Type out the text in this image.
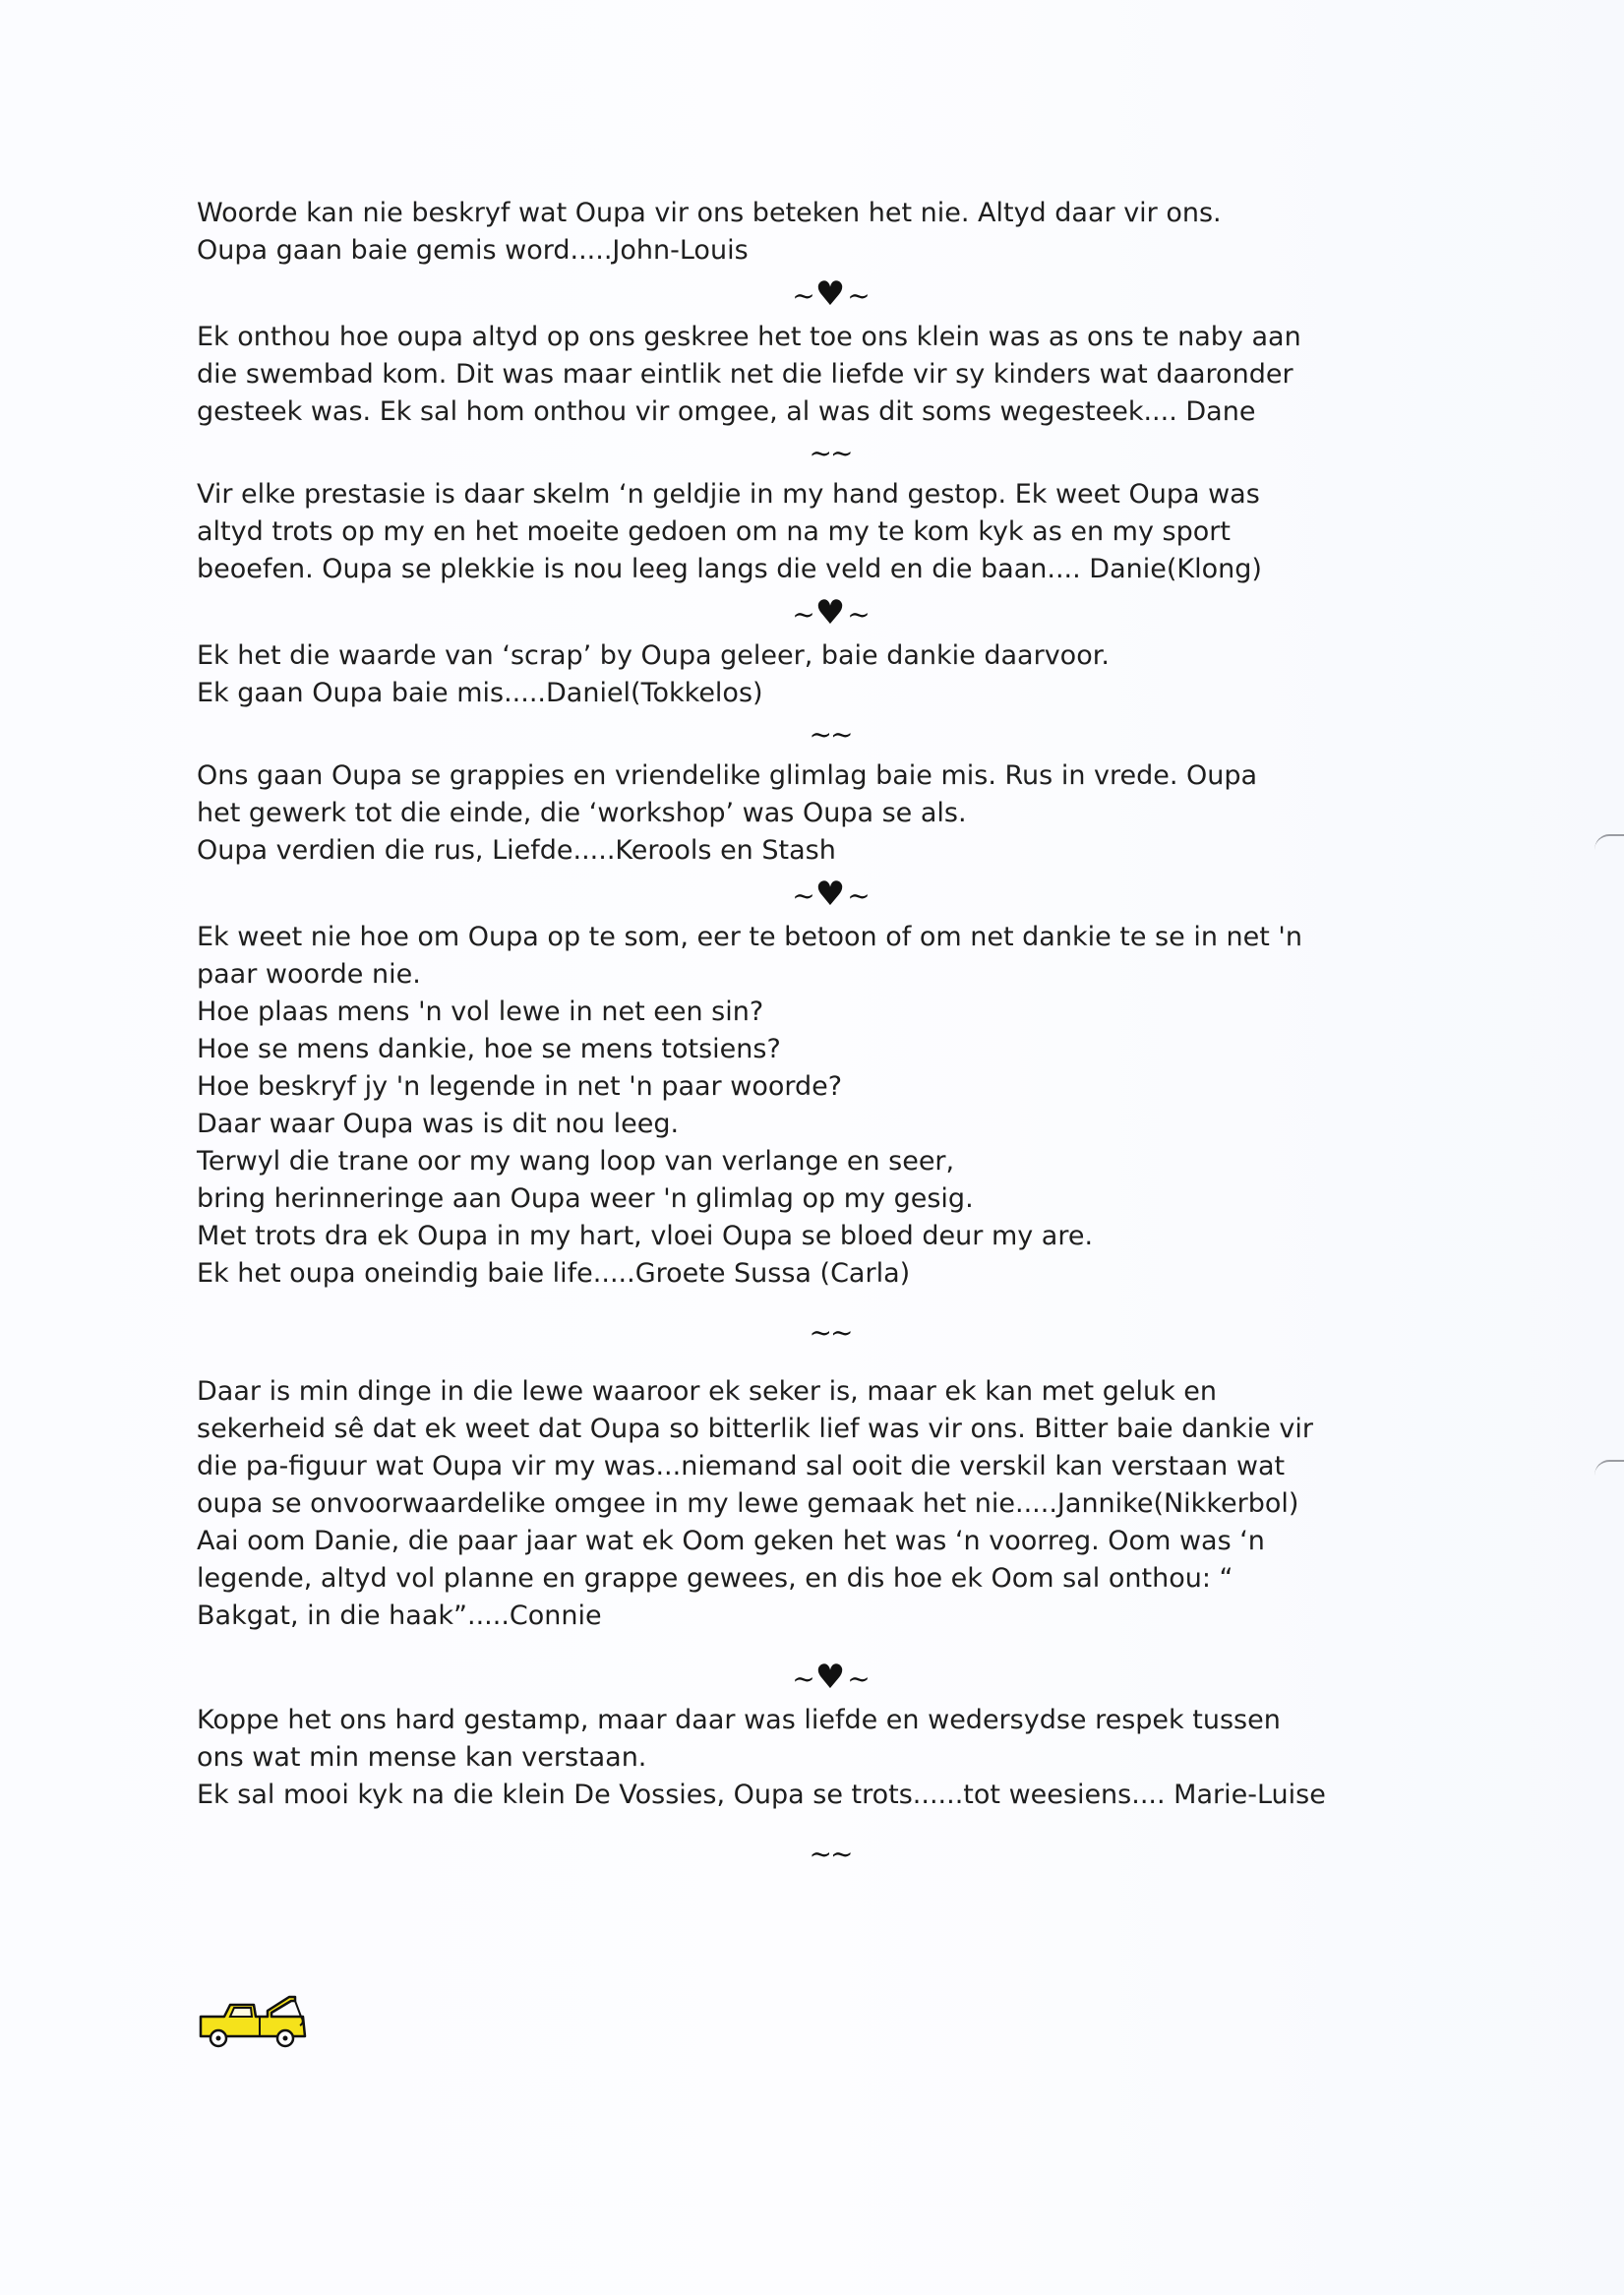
Woorde kan nie beskryf wat Oupa vir ons beteken het nie. Altyd daar vir ons.

Oupa gaan baie gemis word.....John-Louis

~♥~

Ek onthou hoe oupa altyd op ons geskree het toe ons klein was as ons te naby aan

die swembad kom. Dit was maar eintlik net die liefde vir sy kinders wat daaronder

gesteek was. Ek sal hom onthou vir omgee, al was dit soms wegesteek.... Dane

~~

Vir elke prestasie is daar skelm ‘n geldjie in my hand gestop. Ek weet Oupa was

altyd trots op my en het moeite gedoen om na my te kom kyk as en my sport

beoefen. Oupa se plekkie is nou leeg langs die veld en die baan.... Danie(Klong)

~♥~

Ek het die waarde van ‘scrap’ by Oupa geleer, baie dankie daarvoor.

Ek gaan Oupa baie mis.....Daniel(Tokkelos)

~~

Ons gaan Oupa se grappies en vriendelike glimlag baie mis. Rus in vrede. Oupa

het gewerk tot die einde, die ‘workshop’ was Oupa se als.

Oupa verdien die rus, Liefde.....Kerools en Stash

~♥~

Ek weet nie hoe om Oupa op te som, eer te betoon of om net dankie te se in net 'n

paar woorde nie.

Hoe plaas mens 'n vol lewe in net een sin?

Hoe se mens dankie, hoe se mens totsiens?

Hoe beskryf jy 'n legende in net 'n paar woorde?

Daar waar Oupa was is dit nou leeg.

Terwyl die trane oor my wang loop van verlange en seer,

bring herinneringe aan Oupa weer 'n glimlag op my gesig.

Met trots dra ek Oupa in my hart, vloei Oupa se bloed deur my are.

Ek het oupa oneindig baie life.....Groete Sussa (Carla)

~~

Daar is min dinge in die lewe waaroor ek seker is, maar ek kan met geluk en

sekerheid sê dat ek weet dat Oupa so bitterlik lief was vir ons. Bitter baie dankie vir

die pa-figuur wat Oupa vir my was...niemand sal ooit die verskil kan verstaan wat

oupa se onvoorwaardelike omgee in my lewe gemaak het nie.....Jannike(Nikkerbol)

Aai oom Danie, die paar jaar wat ek Oom geken het was ‘n voorreg. Oom was ‘n

legende, altyd vol planne en grappe gewees, en dis hoe ek Oom sal onthou: “

Bakgat, in die haak”.....Connie

~♥~

Koppe het ons hard gestamp, maar daar was liefde en wedersydse respek tussen

ons wat min mense kan verstaan.

Ek sal mooi kyk na die klein De Vossies, Oupa se trots......tot weesiens.... Marie-Luise

~~
